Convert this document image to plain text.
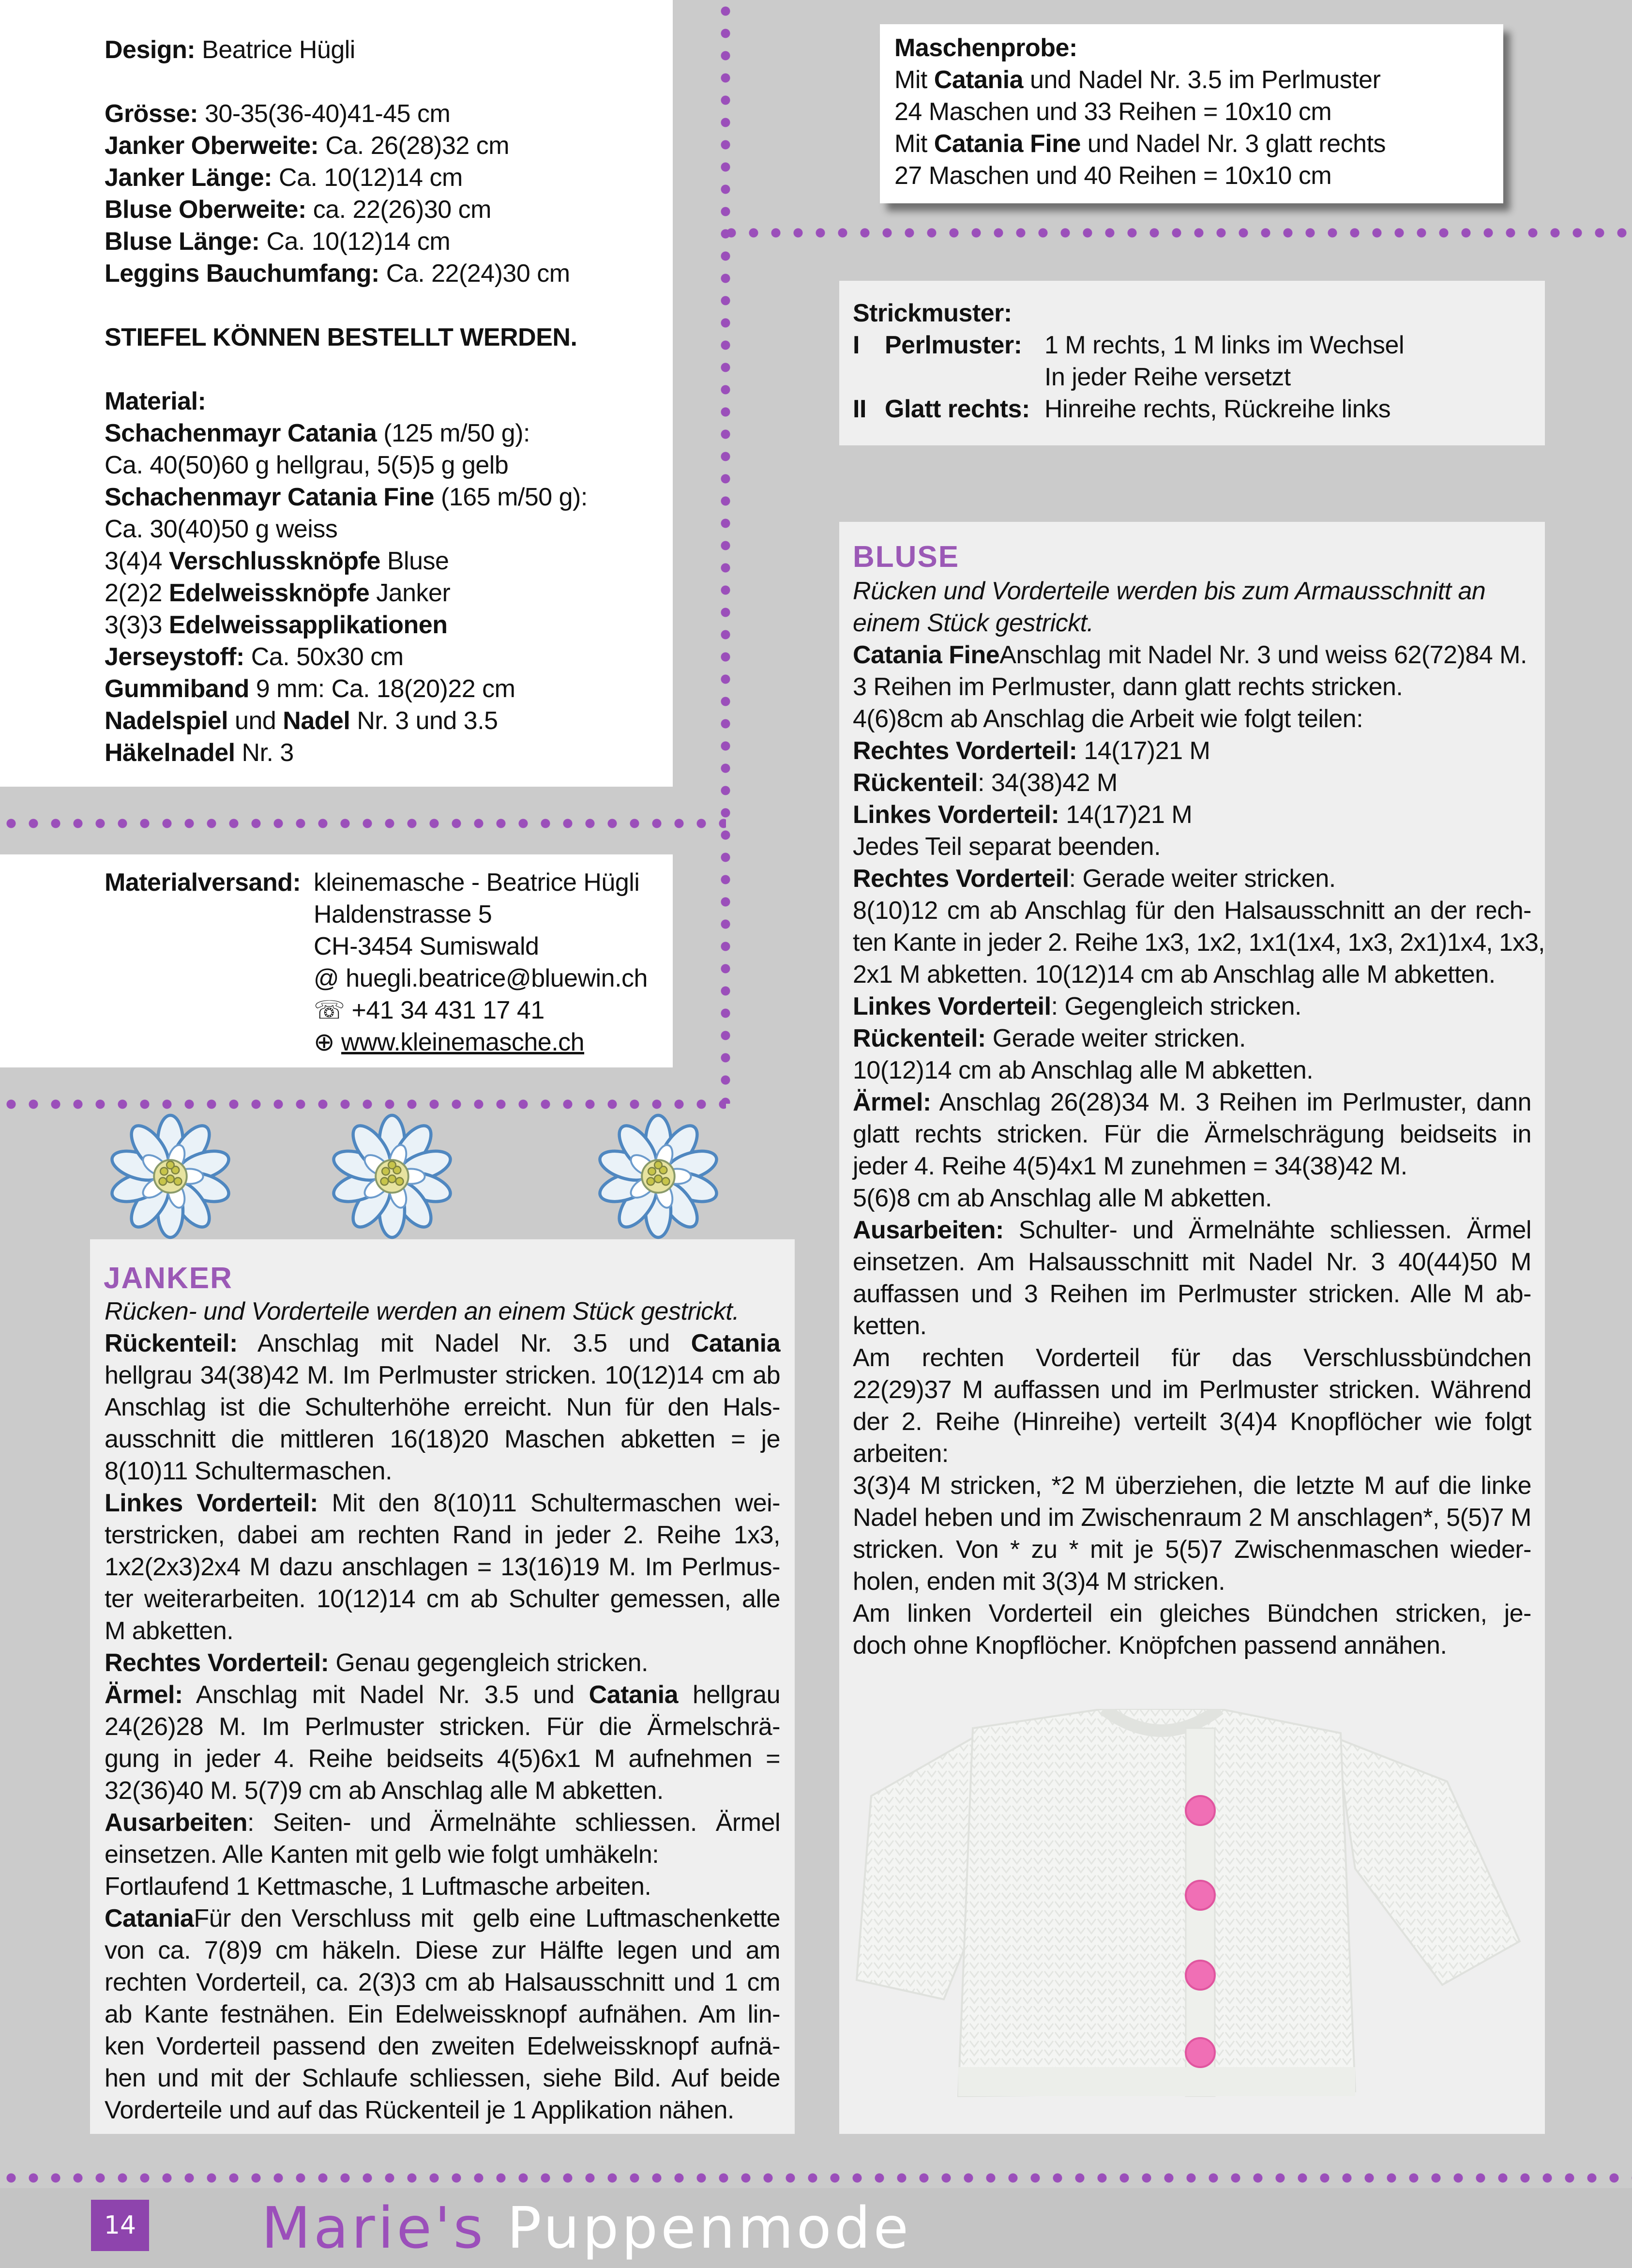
Design: Beatrice Hügli
Grösse: 30-35(36-40)41-45 cm
Janker Oberweite: Ca. 26(28)32 cm
Janker Länge: Ca. 10(12)14 cm
Bluse Oberweite: ca. 22(26)30 cm
Bluse Länge: Ca. 10(12)14 cm
Leggins Bauchumfang: Ca. 22(24)30 cm
STIEFEL KÖNNEN BESTELLT WERDEN.
Material:
Schachenmayr Catania (125 m/50 g):
Ca. 40(50)60 g hellgrau, 5(5)5 g gelb
Schachenmayr Catania Fine (165 m/50 g):
Ca. 30(40)50 g weiss
3(4)4 Verschlussknöpfe Bluse
2(2)2 Edelweissknöpfe Janker
3(3)3 Edelweissapplikationen
Jerseystoff: Ca. 50x30 cm
Gummiband 9 mm: Ca. 18(20)22 cm
Nadelspiel und Nadel Nr. 3 und 3.5
Häkelnadel Nr. 3
Materialversand: kleinemasche - Beatrice Hügli
Haldenstrasse 5
CH-3454 Sumiswald
@ huegli.beatrice@bluewin.ch
☏ +41 34 431 17 41
⊕ www.kleinemasche.ch
Maschenprobe:
Mit Catania und Nadel Nr. 3.5 im Perlmuster
24 Maschen und 33 Reihen = 10x10 cm
Mit Catania Fine und Nadel Nr. 3 glatt rechts
27 Maschen und 40 Reihen = 10x10 cm
Strickmuster:
I Perlmuster: 1 M rechts, 1 M links im Wechsel
In jeder Reihe versetzt
II Glatt rechts: Hinreihe rechts, Rückreihe links
JANKER
Rücken- und Vorderteile werden an einem Stück gestrickt.
Rückenteil: Anschlag mit Nadel Nr. 3.5 und Catania
hellgrau 34(38)42 M. Im Perlmuster stricken. 10(12)14 cm ab
Anschlag ist die Schulterhöhe erreicht. Nun für den Hals-
ausschnitt die mittleren 16(18)20 Maschen abketten = je
8(10)11 Schultermaschen.
Linkes Vorderteil: Mit den 8(10)11 Schultermaschen wei-
terstricken, dabei am rechten Rand in jeder 2. Reihe 1x3,
1x2(2x3)2x4 M dazu anschlagen = 13(16)19 M. Im Perlmus-
ter weiterarbeiten. 10(12)14 cm ab Schulter gemessen, alle
M abketten.
Rechtes Vorderteil: Genau gegengleich stricken.
Ärmel: Anschlag mit Nadel Nr. 3.5 und Catania hellgrau
24(26)28 M. Im Perlmuster stricken. Für die Ärmelschrä-
gung in jeder 4. Reihe beidseits 4(5)6x1 M aufnehmen =
32(36)40 M. 5(7)9 cm ab Anschlag alle M abketten.
Ausarbeiten: Seiten- und Ärmelnähte schliessen. Ärmel
einsetzen. Alle Kanten mit gelb wie folgt umhäkeln:
Fortlaufend 1 Kettmasche, 1 Luftmasche arbeiten.
CataniaFür den Verschluss mit  gelb eine Luftmaschenkette
von ca. 7(8)9 cm häkeln. Diese zur Hälfte legen und am
rechten Vorderteil, ca. 2(3)3 cm ab Halsausschnitt und 1 cm
ab Kante festnähen. Ein Edelweissknopf aufnähen. Am lin-
ken Vorderteil passend den zweiten Edelweissknopf aufnä-
hen und mit der Schlaufe schliessen, siehe Bild. Auf beide
Vorderteile und auf das Rückenteil je 1 Applikation nähen.
BLUSE
Rücken und Vorderteile werden bis zum Armausschnitt an
einem Stück gestrickt.
Catania FineAnschlag mit Nadel Nr. 3 und weiss 62(72)84 M.
3 Reihen im Perlmuster, dann glatt rechts stricken.
4(6)8cm ab Anschlag die Arbeit wie folgt teilen:
Rechtes Vorderteil: 14(17)21 M
Rückenteil: 34(38)42 M
Linkes Vorderteil: 14(17)21 M
Jedes Teil separat beenden.
Rechtes Vorderteil: Gerade weiter stricken.
8(10)12 cm ab Anschlag für den Halsausschnitt an der rech-
ten Kante in jeder 2. Reihe 1x3, 1x2, 1x1(1x4, 1x3, 2x1)1x4, 1x3,
2x1 M abketten. 10(12)14 cm ab Anschlag alle M abketten.
Linkes Vorderteil: Gegengleich stricken.
Rückenteil: Gerade weiter stricken.
10(12)14 cm ab Anschlag alle M abketten.
Ärmel: Anschlag 26(28)34 M. 3 Reihen im Perlmuster, dann
glatt rechts stricken. Für die Ärmelschrägung beidseits in
jeder 4. Reihe 4(5)4x1 M zunehmen = 34(38)42 M.
5(6)8 cm ab Anschlag alle M abketten.
Ausarbeiten: Schulter- und Ärmelnähte schliessen. Ärmel
einsetzen. Am Halsausschnitt mit Nadel Nr. 3 40(44)50 M
auffassen und 3 Reihen im Perlmuster stricken. Alle M ab-
ketten.
Am rechten Vorderteil für das Verschlussbündchen
22(29)37 M auffassen und im Perlmuster stricken. Während
der 2. Reihe (Hinreihe) verteilt 3(4)4 Knopflöcher wie folgt
arbeiten:
3(3)4 M stricken, *2 M überziehen, die letzte M auf die linke
Nadel heben und im Zwischenraum 2 M anschlagen*, 5(5)7 M
stricken. Von * zu * mit je 5(5)7 Zwischenmaschen wieder-
holen, enden mit 3(3)4 M stricken.
Am linken Vorderteil ein gleiches Bündchen stricken, je-
doch ohne Knopflöcher. Knöpfchen passend annähen.
14 Marie's Puppenmode
